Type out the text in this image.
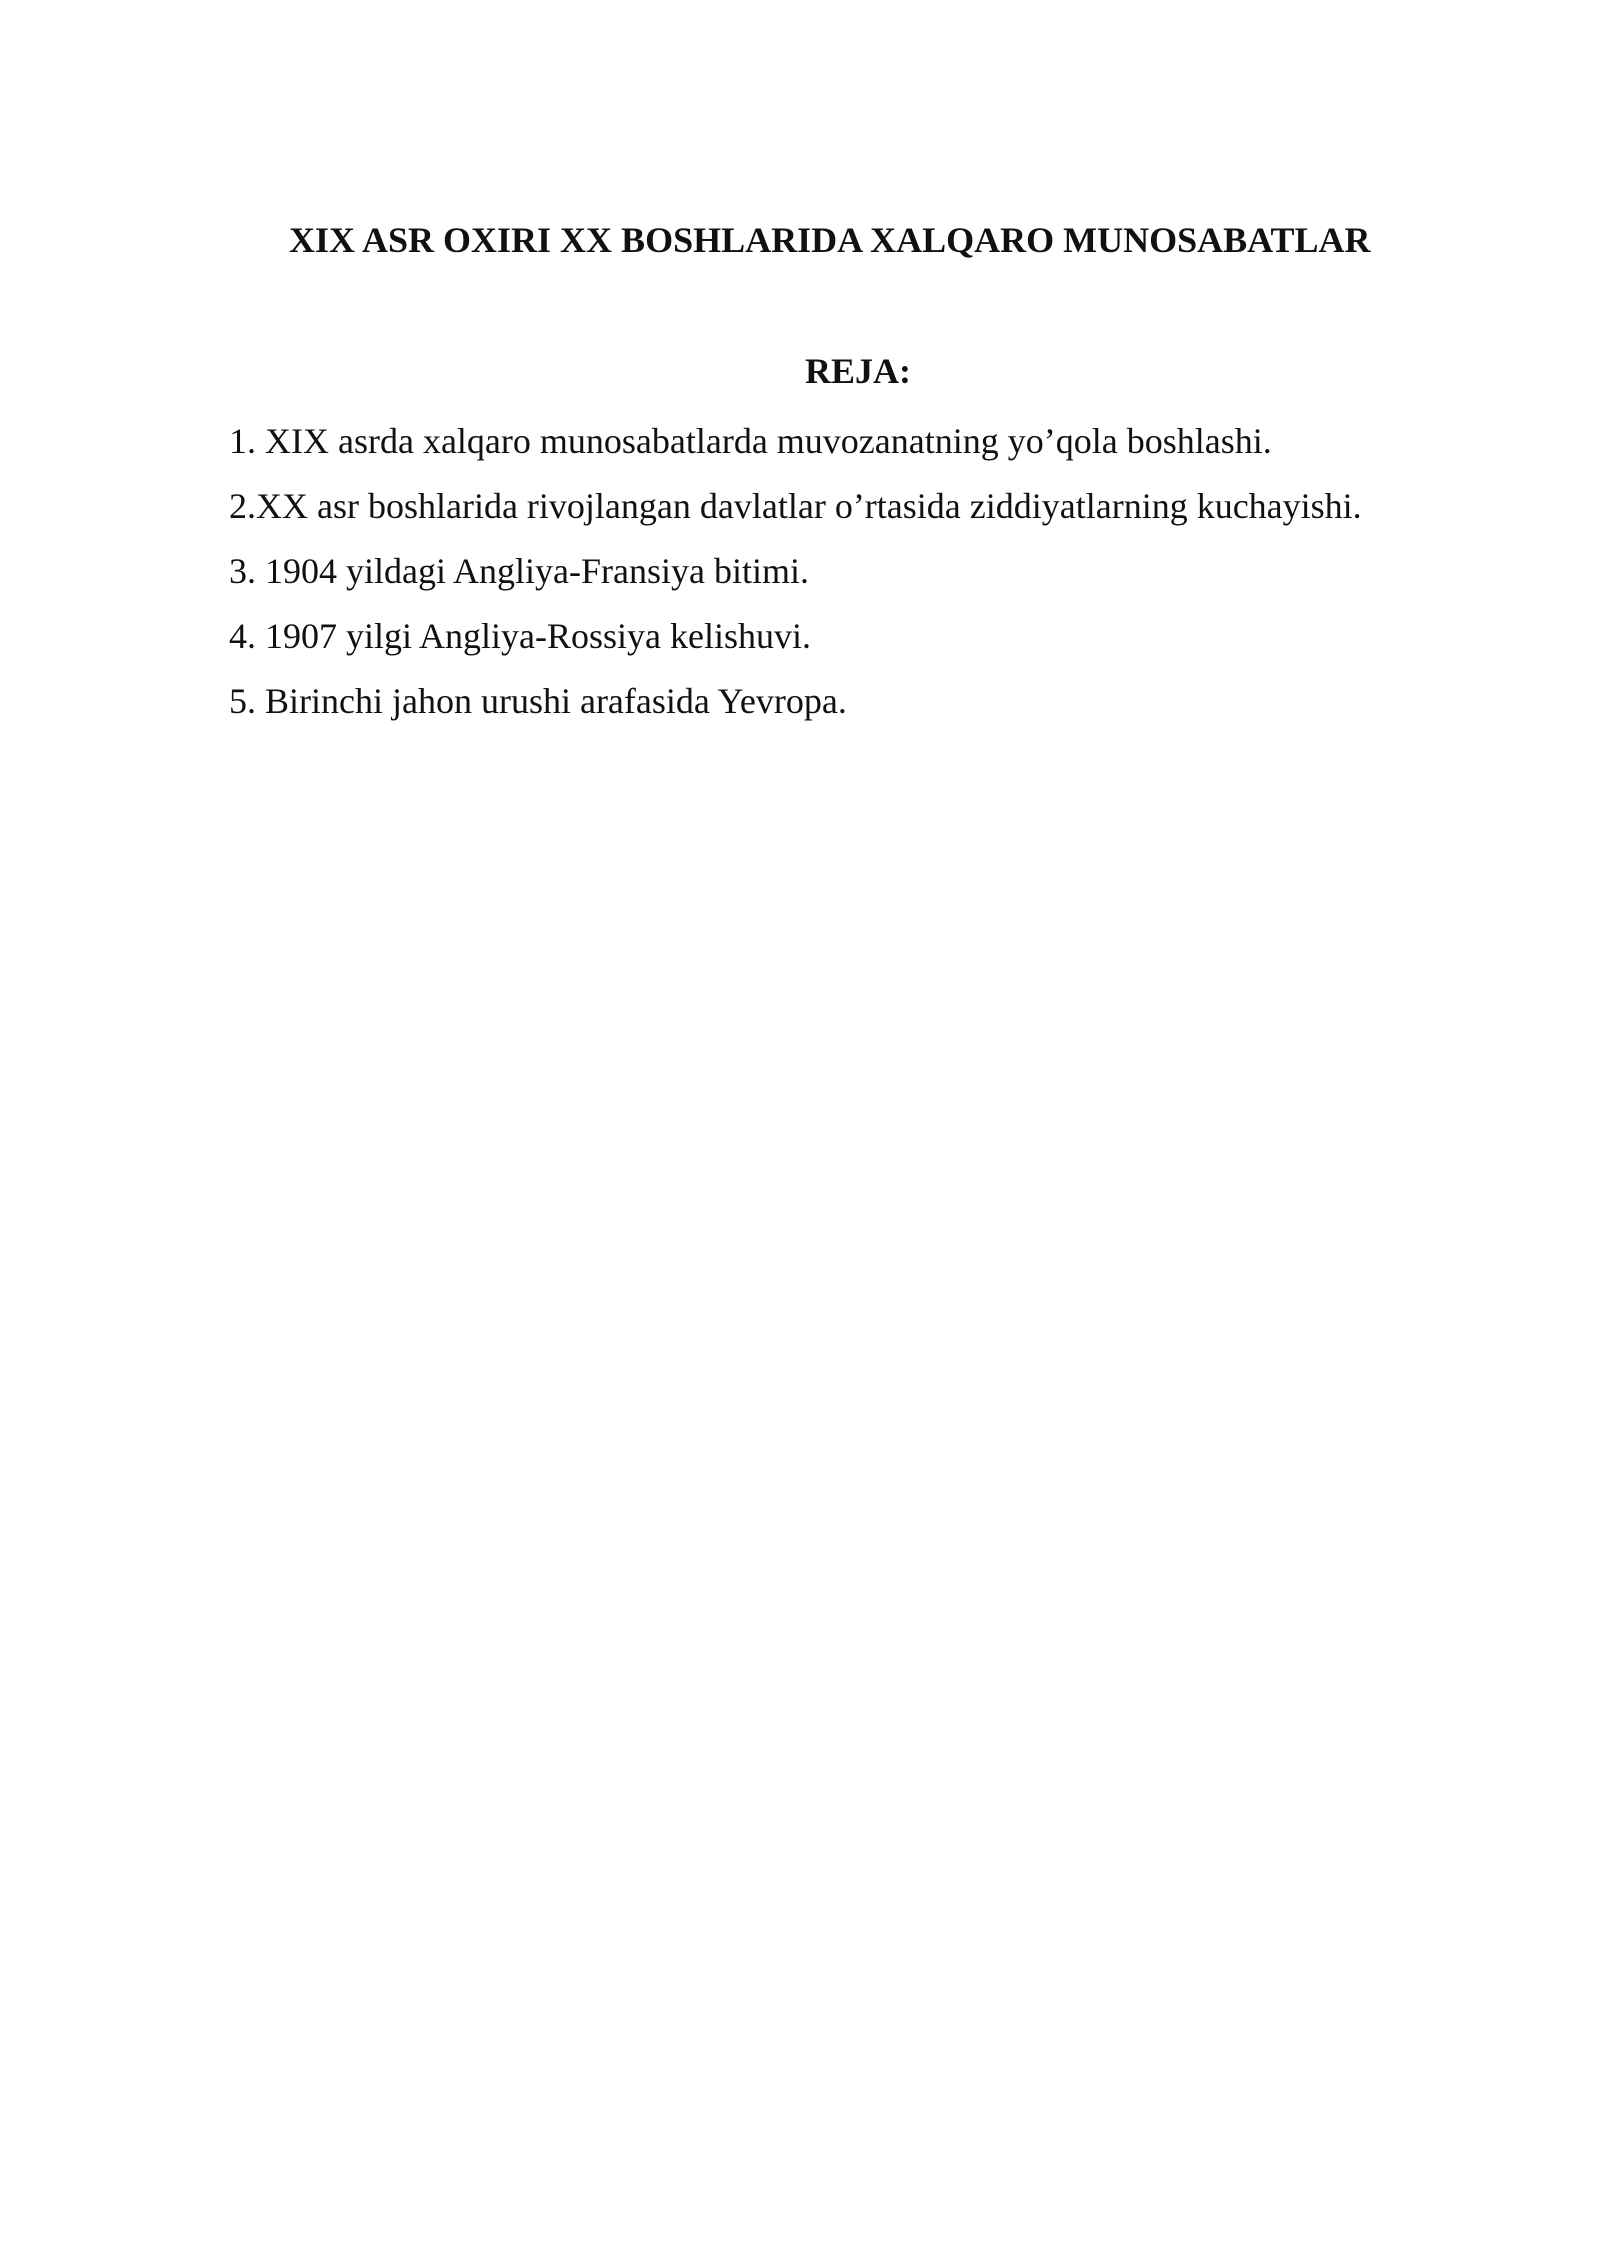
XIX ASR OXIRI XX BOSHLARIDA XALQARO MUNOSABATLAR
REJA:
1. XIX asrda xalqaro munosabatlarda muvozanatning yo’qola boshlashi.
2.XX asr boshlarida rivojlangan davlatlar o’rtasida ziddiyatlarning kuchayishi.
3. 1904 yildagi Angliya-Fransiya bitimi.
4. 1907 yilgi Angliya-Rossiya kelishuvi.
5. Birinchi jahon urushi arafasida Yevropa.
